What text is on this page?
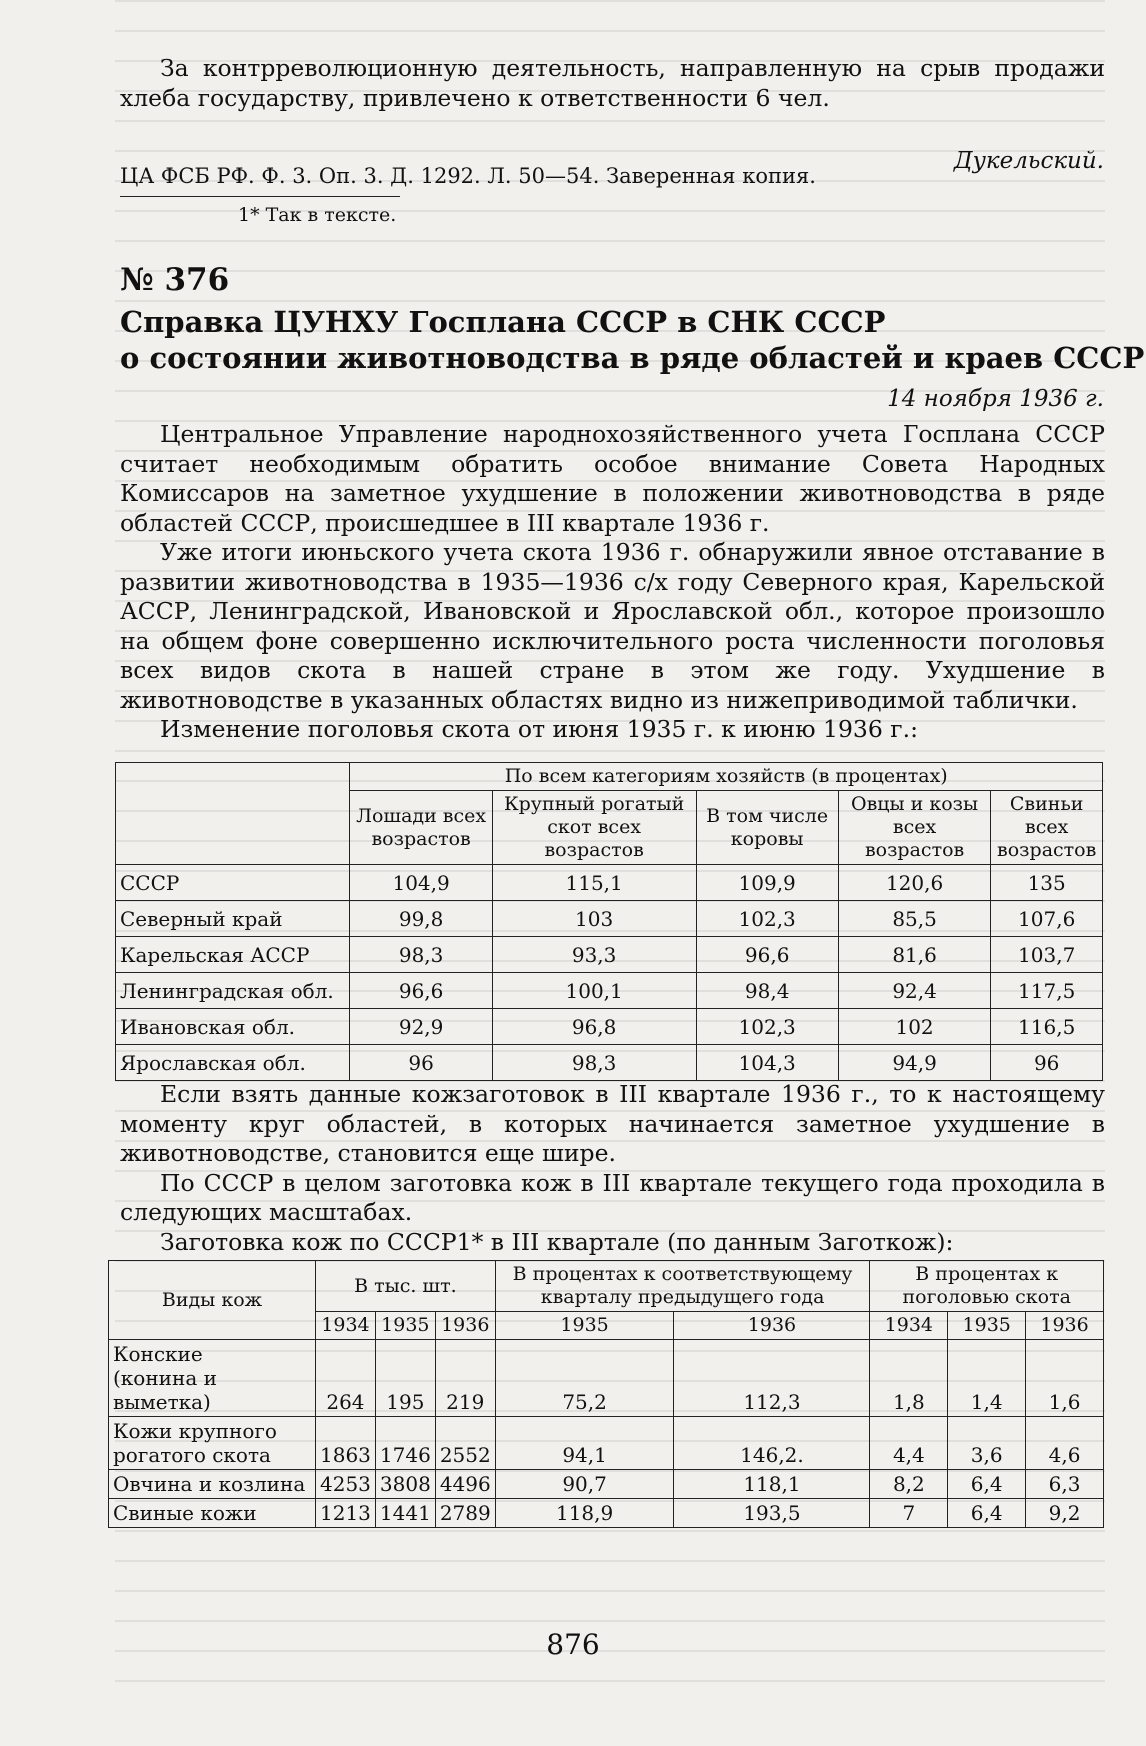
За контрреволюционную деятельность, направленную на срыв продажи хлеба государству, привлечено к ответственности 6 чел.

Дукельский.
ЦА ФСБ РФ. Ф. 3. Оп. 3. Д. 1292. Л. 50—54. Заверенная копия.
1* Так в тексте.
№ 376
Справка ЦУНХУ Госплана СССР в СНК СССР
о состоянии животноводства в ряде областей и краев СССР
14 ноября 1936 г.

Центральное Управление народнохозяйственного учета Госплана СССР считает необходимым обратить особое внимание Совета Народных Комиссаров на заметное ухудшение в положении животноводства в ряде областей СССР, происшедшее в III квартале 1936 г.

Уже итоги июньского учета скота 1936 г. обнаружили явное отставание в развитии животноводства в 1935—1936 с/х году Северного края, Карельской АССР, Ленинградской, Ивановской и Ярославской обл., которое произошло на общем фоне совершенно исключительного роста численности поголовья всех видов скота в нашей стране в этом же году. Ухудшение в животноводстве в указанных областях видно из нижеприводимой таблички.

Изменение поголовья скота от июня 1935 г. к июню 1936 г.:

	По всем категориям хозяйств (в процентах)				
	Лошади всех возрастов	Крупный рогатый скот всех возрастов	В том числе коровы	Овцы и козы всех возрастов	Свиньи всех возрастов
СССР	104,9	115,1	109,9	120,6	135
Северный край	99,8	103	102,3	85,5	107,6
Карельская АССР	98,3	93,3	96,6	81,6	103,7
Ленинградская обл.	96,6	100,1	98,4	92,4	117,5
Ивановская обл.	92,9	96,8	102,3	102	116,5
Ярославская обл.	96	98,3	104,3	94,9	96

Если взять данные кожзаготовок в III квартале 1936 г., то к настоящему моменту круг областей, в которых начинается заметное ухудшение в животноводстве, становится еще шире.

По СССР в целом заготовка кож в III квартале текущего года проходила в следующих масштабах.

Заготовка кож по СССР1* в III квартале (по данным Заготкож):

Виды кож	В тыс. шт.			В процентах к соответствующему кварталу предыдущего года		В процентах к поголовью скота		
	1934	1935	1936	1935	1936	1934	1935	1936

Конские
(конина и выметка)	264	195	219	75,2	112,3	1,8	1,4	1,6

Кожи крупного
рогатого скота	1863	1746	2552	94,1	146,2.	4,4	3,6	4,6

Овчина и козлина	4253	3808	4496	90,7	118,1	8,2	6,4	6,3

Свиные кожи	1213	1441	2789	118,9	193,5	7	6,4	9,2
876
